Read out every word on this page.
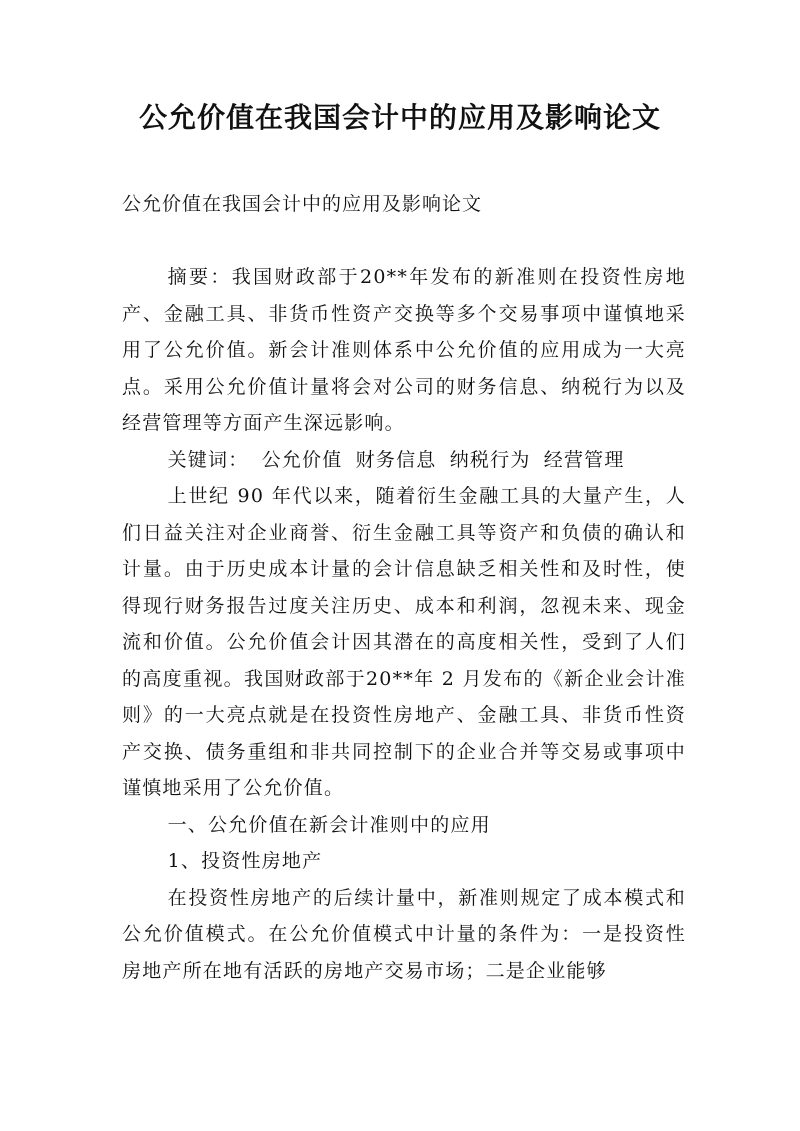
公允价值在我国会计中的应用及影响论文

公允价值在我国会计中的应用及影响论文

摘要：我国财政部于20**年发布的新准则在投资性房地产、金融工具、非货币性资产交换等多个交易事项中谨慎地采用了公允价值。新会计准则体系中公允价值的应用成为一大亮点。采用公允价值计量将会对公司的财务信息、纳税行为以及经营管理等方面产生深远影响。

关键词： 公允价值 财务信息 纳税行为 经营管理

上世纪 90 年代以来，随着衍生金融工具的大量产生，人们日益关注对企业商誉、衍生金融工具等资产和负债的确认和计量。由于历史成本计量的会计信息缺乏相关性和及时性，使得现行财务报告过度关注历史、成本和利润，忽视未来、现金流和价值。公允价值会计因其潜在的高度相关性，受到了人们的高度重视。我国财政部于20**年 2 月发布的《新企业会计准则》的一大亮点就是在投资性房地产、金融工具、非货币性资产交换、债务重组和非共同控制下的企业合并等交易或事项中谨慎地采用了公允价值。

一、公允价值在新会计准则中的应用

1、投资性房地产

在投资性房地产的后续计量中，新准则规定了成本模式和公允价值模式。在公允价值模式中计量的条件为：一是投资性房地产所在地有活跃的房地产交易市场；二是企业能够
